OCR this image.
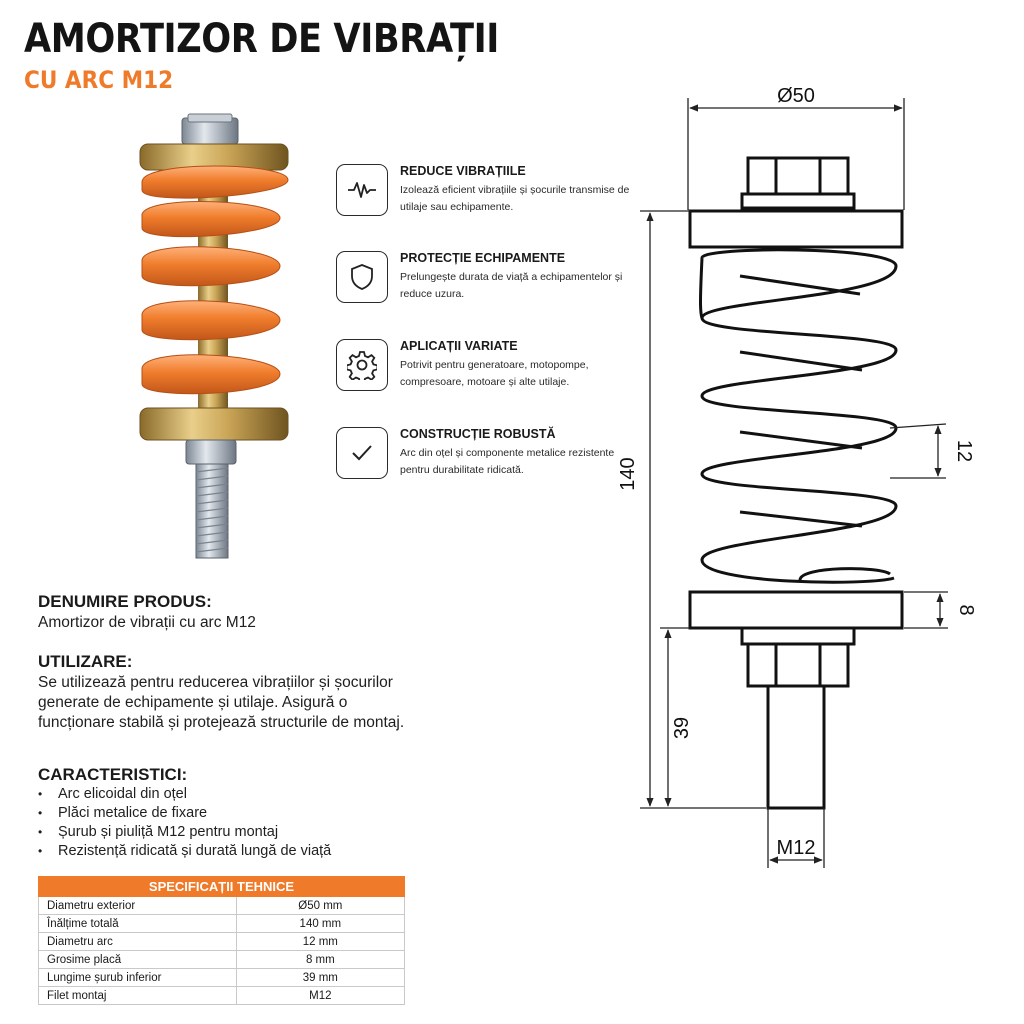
AMORTIZOR DE VIBRAȚII
CU ARC M12
REDUCE VIBRAȚIILE
Izolează eficient vibrațiile și șocurile transmise de utilaje sau echipamente.
PROTECȚIE ECHIPAMENTE
Prelungește durata de viață a echipamentelor și reduce uzura.
APLICAȚII VARIATE
Potrivit pentru generatoare, motopompe, compresoare, motoare și alte utilaje.
CONSTRUCȚIE ROBUSTĂ
Arc din oțel și componente metalice rezistente pentru durabilitate ridicată.
Ø50
140
12
8
39
M12
DENUMIRE PRODUS:
Amortizor de vibrații cu arc M12
UTILIZARE:
Se utilizează pentru reducerea vibrațiilor și șocurilor generate de echipamente și utilaje. Asigură o funcționare stabilă și protejează structurile de montaj.
CARACTERISTICI:
• Arc elicoidal din oțel
• Plăci metalice de fixare
• Șurub și piuliță M12 pentru montaj
• Rezistență ridicată și durată lungă de viață
SPECIFICAȚII TEHNICE	
Diametru exterior	Ø50 mm
Înălțime totală	140 mm
Diametru arc	12 mm
Grosime placă	8 mm
Lungime șurub inferior	39 mm
Filet montaj	M12
